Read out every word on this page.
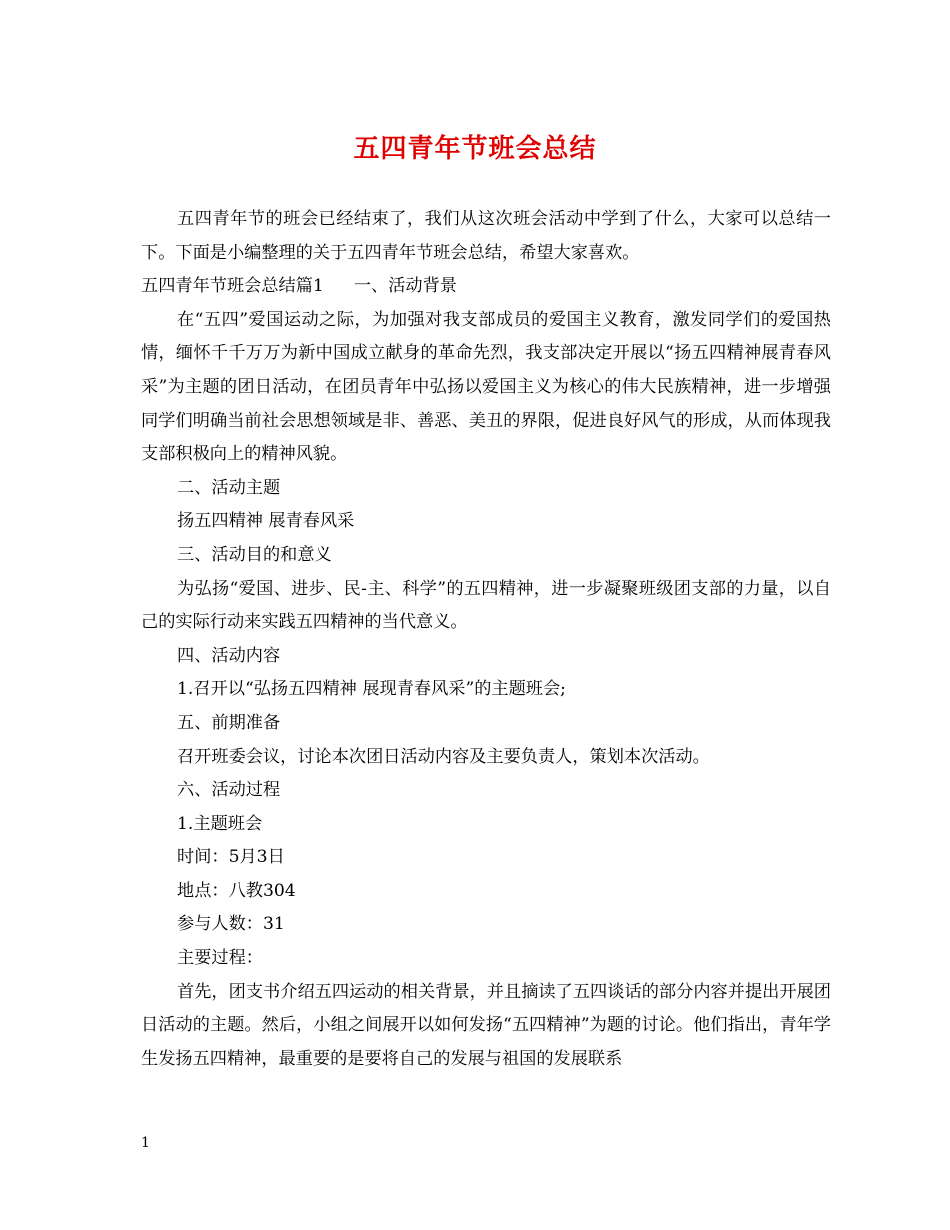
五四青年节班会总结

五四青年节的班会已经结束了，我们从这次班会活动中学到了什么，大家可以总结一下。下面是小编整理的关于五四青年节班会总结，希望大家喜欢。

五四青年节班会总结篇1 一、活动背景

在“五四”爱国运动之际，为加强对我支部成员的爱国主义教育，激发同学们的爱国热情，缅怀千千万万为新中国成立献身的革命先烈，我支部决定开展以“扬五四精神展青春风采”为主题的团日活动，在团员青年中弘扬以爱国主义为核心的伟大民族精神，进一步增强同学们明确当前社会思想领域是非、善恶、美丑的界限，促进良好风气的形成，从而体现我支部积极向上的精神风貌。

二、活动主题

扬五四精神 展青春风采

三、活动目的和意义

为弘扬“爱国、进步、民-主、科学”的五四精神，进一步凝聚班级团支部的力量，以自己的实际行动来实践五四精神的当代意义。

四、活动内容

1.召开以“弘扬五四精神 展现青春风采”的主题班会;

五、前期准备

召开班委会议，讨论本次团日活动内容及主要负责人，策划本次活动。

六、活动过程

1.主题班会

时间：5月3日

地点：八教304

参与人数：31

主要过程：

首先，团支书介绍五四运动的相关背景，并且摘读了五四谈话的部分内容并提出开展团日活动的主题。然后，小组之间展开以如何发扬“五四精神”为题的讨论。他们指出，青年学生发扬五四精神，最重要的是要将自己的发展与祖国的发展联系

1
